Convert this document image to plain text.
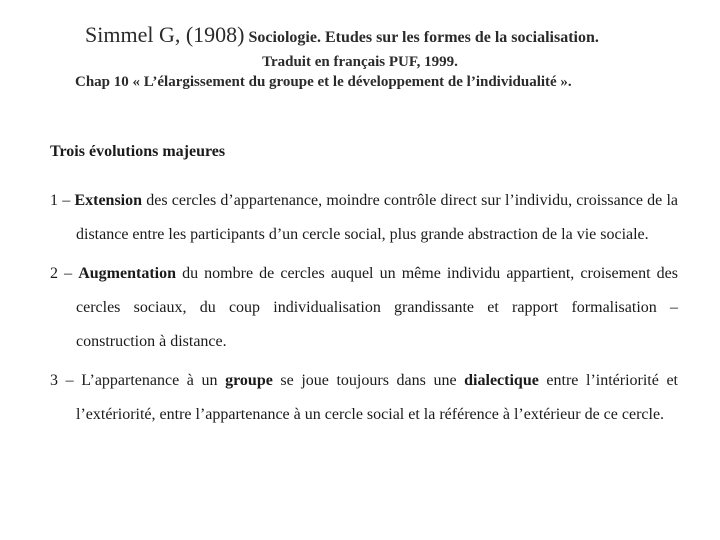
Simmel G, (1908) Sociologie. Etudes sur les formes de la socialisation.
Traduit en français PUF, 1999.
Chap 10 « L’élargissement du groupe et le développement de l’individualité ».
Trois évolutions majeures

1 – Extension des cercles d’appartenance, moindre contrôle direct sur l’individu, croissance de la distance entre les participants d’un cercle social, plus grande abstraction de la vie sociale.

2 – Augmentation du nombre de cercles auquel un même individu appartient, croisement des cercles sociaux, du coup individualisation grandissante et rapport formalisation – construction à distance.

3 – L’appartenance à un groupe se joue toujours dans une dialectique entre l’intériorité et l’extériorité, entre l’appartenance à un cercle social et la référence à l’extérieur de ce cercle.
